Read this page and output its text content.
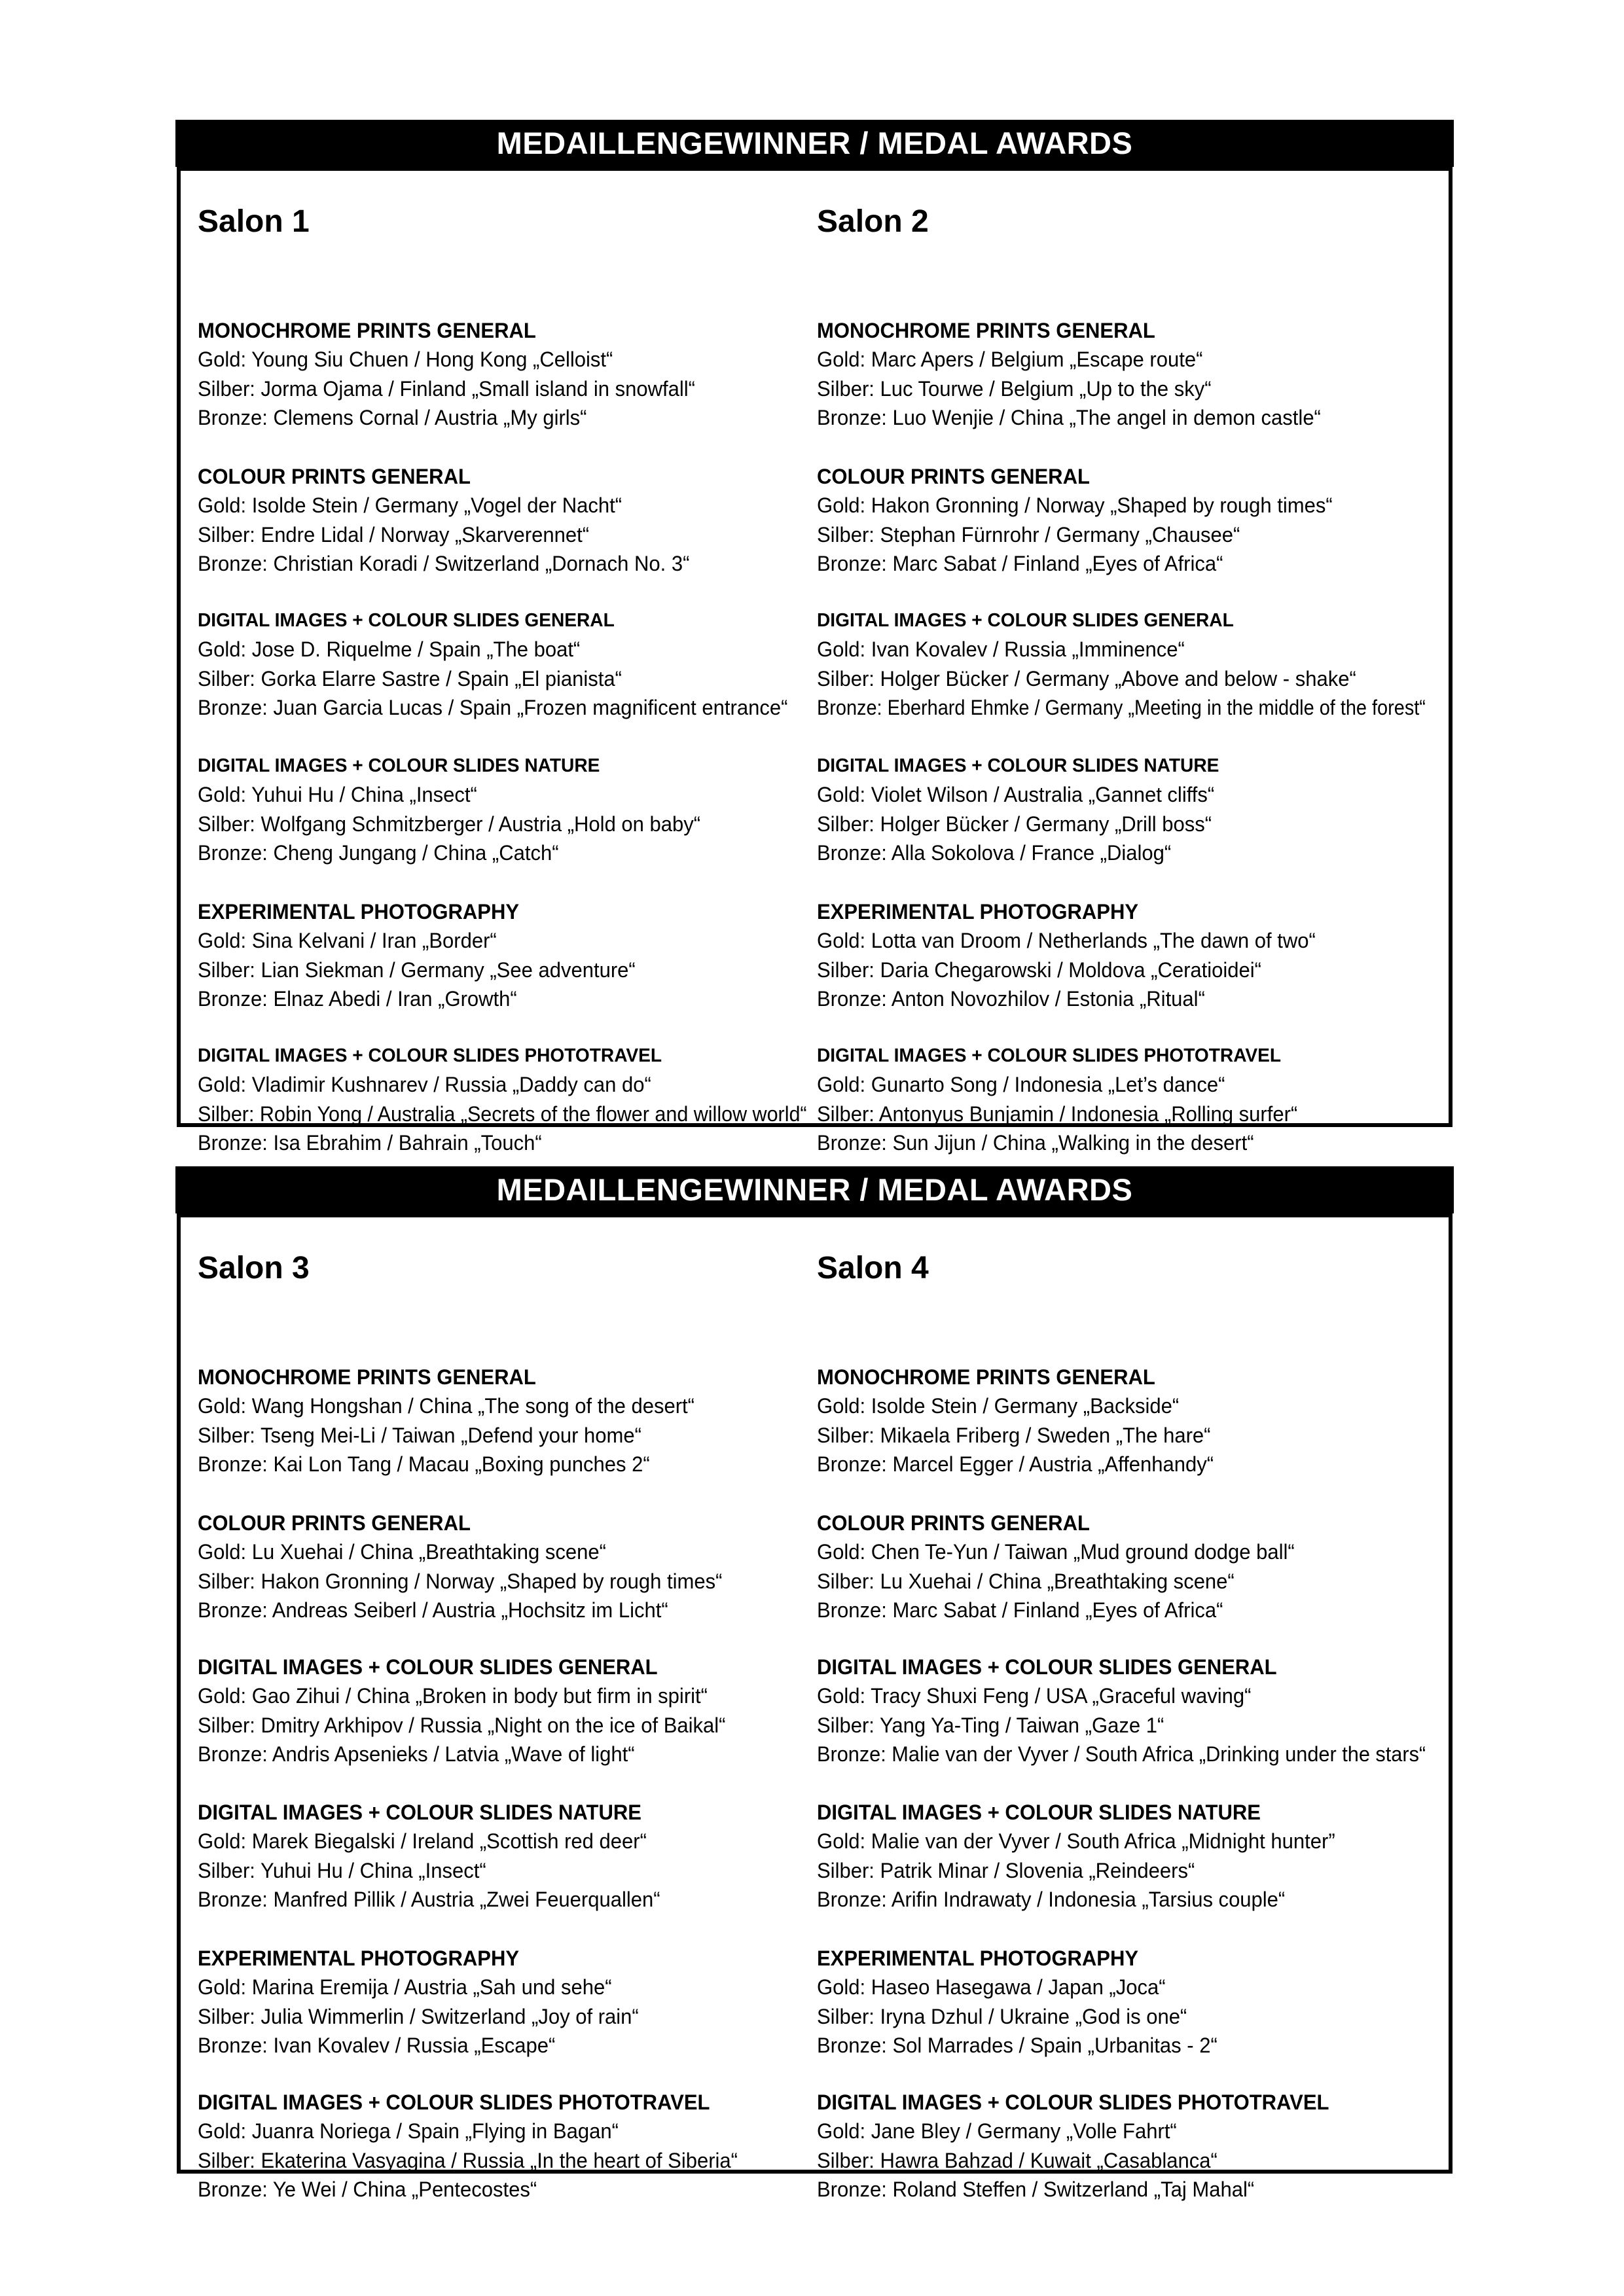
MEDAILLENGEWINNER / MEDAL AWARDS
Salon 1
MONOCHROME PRINTS GENERAL
Gold: Young Siu Chuen / Hong Kong „Celloist“
Silber: Jorma Ojama / Finland „Small island in snowfall“
Bronze: Clemens Cornal / Austria „My girls“
COLOUR PRINTS GENERAL
Gold: Isolde Stein / Germany „Vogel der Nacht“
Silber: Endre Lidal / Norway „Skarverennet“
Bronze: Christian Koradi / Switzerland „Dornach No. 3“
DIGITAL IMAGES + COLOUR SLIDES GENERAL
Gold: Jose D. Riquelme / Spain „The boat“
Silber: Gorka Elarre Sastre / Spain „El pianista“
Bronze: Juan Garcia Lucas / Spain „Frozen magnificent entrance“
DIGITAL IMAGES + COLOUR SLIDES NATURE
Gold: Yuhui Hu / China „Insect“
Silber: Wolfgang Schmitzberger / Austria „Hold on baby“
Bronze: Cheng Jungang / China „Catch“
EXPERIMENTAL PHOTOGRAPHY
Gold: Sina Kelvani / Iran „Border“
Silber: Lian Siekman / Germany „See adventure“
Bronze: Elnaz Abedi / Iran „Growth“
DIGITAL IMAGES + COLOUR SLIDES PHOTOTRAVEL
Gold: Vladimir Kushnarev / Russia „Daddy can do“
Silber: Robin Yong / Australia „Secrets of the flower and willow world“
Bronze: Isa Ebrahim / Bahrain „Touch“
Salon 2
MONOCHROME PRINTS GENERAL
Gold: Marc Apers / Belgium „Escape route“
Silber: Luc Tourwe / Belgium „Up to the sky“
Bronze: Luo Wenjie / China „The angel in demon castle“
COLOUR PRINTS GENERAL
Gold: Hakon Gronning / Norway „Shaped by rough times“
Silber: Stephan Fürnrohr / Germany „Chausee“
Bronze: Marc Sabat / Finland „Eyes of Africa“
DIGITAL IMAGES + COLOUR SLIDES GENERAL
Gold: Ivan Kovalev / Russia „Imminence“
Silber: Holger Bücker / Germany „Above and below - shake“
Bronze: Eberhard Ehmke / Germany „Meeting in the middle of the forest“
DIGITAL IMAGES + COLOUR SLIDES NATURE
Gold: Violet Wilson / Australia „Gannet cliffs“
Silber: Holger Bücker / Germany „Drill boss“
Bronze: Alla Sokolova / France „Dialog“
EXPERIMENTAL PHOTOGRAPHY
Gold: Lotta van Droom / Netherlands „The dawn of two“
Silber: Daria Chegarowski / Moldova „Ceratioidei“
Bronze: Anton Novozhilov / Estonia „Ritual“
DIGITAL IMAGES + COLOUR SLIDES PHOTOTRAVEL
Gold: Gunarto Song / Indonesia „Let’s dance“
Silber: Antonyus Bunjamin / Indonesia „Rolling surfer“
Bronze: Sun Jijun / China „Walking in the desert“
MEDAILLENGEWINNER / MEDAL AWARDS
Salon 3
MONOCHROME PRINTS GENERAL
Gold: Wang Hongshan / China „The song of the desert“
Silber: Tseng Mei-Li / Taiwan „Defend your home“
Bronze: Kai Lon Tang / Macau „Boxing punches 2“
COLOUR PRINTS GENERAL
Gold: Lu Xuehai / China „Breathtaking scene“
Silber: Hakon Gronning / Norway „Shaped by rough times“
Bronze: Andreas Seiberl / Austria „Hochsitz im Licht“
DIGITAL IMAGES + COLOUR SLIDES GENERAL
Gold: Gao Zihui / China „Broken in body but firm in spirit“
Silber: Dmitry Arkhipov / Russia „Night on the ice of Baikal“
Bronze: Andris Apsenieks / Latvia „Wave of light“
DIGITAL IMAGES + COLOUR SLIDES NATURE
Gold: Marek Biegalski / Ireland „Scottish red deer“
Silber: Yuhui Hu / China „Insect“
Bronze: Manfred Pillik / Austria „Zwei Feuerquallen“
EXPERIMENTAL PHOTOGRAPHY
Gold: Marina Eremija / Austria „Sah und sehe“
Silber: Julia Wimmerlin / Switzerland „Joy of rain“
Bronze: Ivan Kovalev / Russia „Escape“
DIGITAL IMAGES + COLOUR SLIDES PHOTOTRAVEL
Gold: Juanra Noriega / Spain „Flying in Bagan“
Silber: Ekaterina Vasyagina / Russia „In the heart of Siberia“
Bronze: Ye Wei / China „Pentecostes“
Salon 4
MONOCHROME PRINTS GENERAL
Gold: Isolde Stein / Germany „Backside“
Silber: Mikaela Friberg / Sweden „The hare“
Bronze: Marcel Egger / Austria „Affenhandy“
COLOUR PRINTS GENERAL
Gold: Chen Te-Yun / Taiwan „Mud ground dodge ball“
Silber: Lu Xuehai / China „Breathtaking scene“
Bronze: Marc Sabat / Finland „Eyes of Africa“
DIGITAL IMAGES + COLOUR SLIDES GENERAL
Gold: Tracy Shuxi Feng / USA „Graceful waving“
Silber: Yang Ya-Ting / Taiwan „Gaze 1“
Bronze: Malie van der Vyver / South Africa „Drinking under the stars“
DIGITAL IMAGES + COLOUR SLIDES NATURE
Gold: Malie van der Vyver / South Africa „Midnight hunter”
Silber: Patrik Minar / Slovenia „Reindeers“
Bronze: Arifin Indrawaty / Indonesia „Tarsius couple“
EXPERIMENTAL PHOTOGRAPHY
Gold: Haseo Hasegawa / Japan „Joca“
Silber: Iryna Dzhul / Ukraine „God is one“
Bronze: Sol Marrades / Spain „Urbanitas - 2“
DIGITAL IMAGES + COLOUR SLIDES PHOTOTRAVEL
Gold: Jane Bley / Germany „Volle Fahrt“
Silber: Hawra Bahzad / Kuwait „Casablanca“
Bronze: Roland Steffen / Switzerland „Taj Mahal“
